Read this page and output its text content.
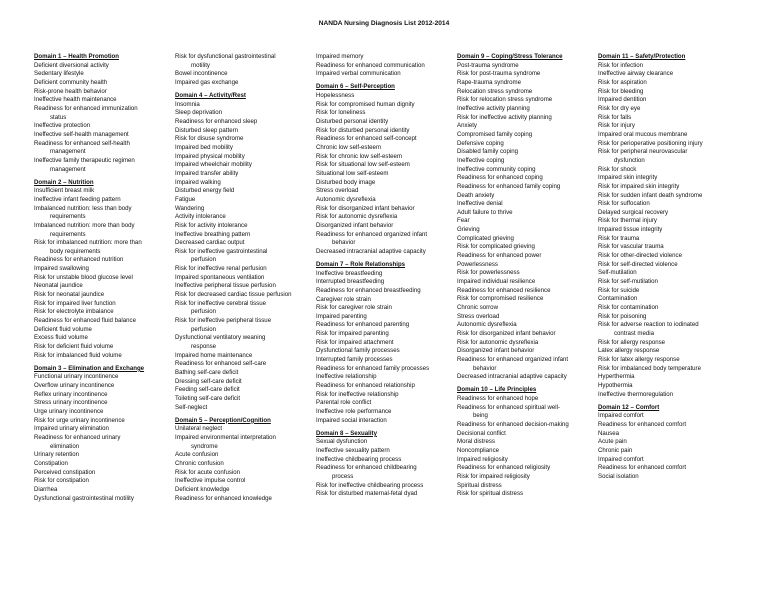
NANDA Nursing Diagnosis List 2012-2014
Domain 1 – Health Promotion
Deficient diversional activity
Sedentary lifestyle
Deficient community health
Risk-prone health behavior
Ineffective health maintenance
Readiness for enhanced immunization
status
Ineffective protection
Ineffective self-health management
Readiness for enhanced self-health
management
Ineffective family therapeutic regimen
management
Domain 2 – Nutrition
Insufficient breast milk
Ineffective infant feeding pattern
Imbalanced nutrition: less than body
requirements
Imbalanced nutrition: more than body
requirements
Risk for imbalanced nutrition: more than
body requirements
Readiness for enhanced nutrition
Impaired swallowing
Risk for unstable blood glucose level
Neonatal jaundice
Risk for neonatal jaundice
Risk for impaired liver function
Risk for electrolyte imbalance
Readiness for enhanced fluid balance
Deficient fluid volume
Excess fluid volume
Risk for deficient fluid volume
Risk for imbalanced fluid volume
Domain 3 – Elimination and Exchange
Functional urinary incontinence
Overflow urinary incontinence
Reflex urinary incontinence
Stress urinary incontinence
Urge urinary incontinence
Risk for urge urinary incontinence
Impaired urinary elimination
Readiness for enhanced urinary
elimination
Urinary retention
Constipation
Perceived constipation
Risk for constipation
Diarrhea
Dysfunctional gastrointestinal motility
Risk for dysfunctional gastrointestinal
motility
Bowel incontinence
Impaired gas exchange
Domain 4 – Activity/Rest
Insomnia
Sleep deprivation
Readiness for enhanced sleep
Disturbed sleep pattern
Risk for disuse syndrome
Impaired bed mobility
Impaired physical mobility
Impaired wheelchair mobility
Impaired transfer ability
Impaired walking
Disturbed energy field
Fatigue
Wandering
Activity intolerance
Risk for activity intolerance
Ineffective breathing pattern
Decreased cardiac output
Risk for ineffective gastrointestinal
perfusion
Risk for ineffective renal perfusion
Impaired spontaneous ventilation
Ineffective peripheral tissue perfusion
Risk for decreased cardiac tissue perfusion
Risk for ineffective cerebral tissue
perfusion
Risk for ineffective peripheral tissue
perfusion
Dysfunctional ventilatory weaning
response
Impaired home maintenance
Readiness for enhanced self-care
Bathing self-care deficit
Dressing self-care deficit
Feeding self-care deficit
Toileting self-care deficit
Self-neglect
Domain 5 – Perception/Cognition
Unilateral neglect
Impaired environmental interpretation
syndrome
Acute confusion
Chronic confusion
Risk for acute confusion
Ineffective impulse control
Deficient knowledge
Readiness for enhanced knowledge
Impaired memory
Readiness for enhanced communication
Impaired verbal communication
Domain 6 – Self-Perception
Hopelessness
Risk for compromised human dignity
Risk for loneliness
Disturbed personal identity
Risk for disturbed personal identity
Readiness for enhanced self-concept
Chronic low self-esteem
Risk for chronic low self-esteem
Risk for situational low self-esteem
Situational low self-esteem
Disturbed body image
Stress overload
Autonomic dysreflexia
Risk for disorganized infant behavior
Risk for autonomic dysreflexia
Disorganized infant behavior
Readiness for enhanced organized infant
behavior
Decreased intracranial adaptive capacity
Domain 7 – Role Relationships
Ineffective breastfeeding
Interrupted breastfeeding
Readiness for enhanced breastfeeding
Caregiver role strain
Risk for caregiver role strain
Impaired parenting
Readiness for enhanced parenting
Risk for impaired parenting
Risk for impaired attachment
Dysfunctional family processes
Interrupted family processes
Readiness for enhanced family processes
Ineffective relationship
Readiness for enhanced relationship
Risk for ineffective relationship
Parental role conflict
Ineffective role performance
Impaired social interaction
Domain 8 – Sexuality
Sexual dysfunction
Ineffective sexuality pattern
Ineffective childbearing process
Readiness for enhanced childbearing
process
Risk for ineffective childbearing process
Risk for disturbed maternal-fetal dyad
Domain 9 – Coping/Stress Tolerance
Post-trauma syndrome
Risk for post-trauma syndrome
Rape-trauma syndrome
Relocation stress syndrome
Risk for relocation stress syndrome
Ineffective activity planning
Risk for ineffective activity planning
Anxiety
Compromised family coping
Defensive coping
Disabled family coping
Ineffective coping
Ineffective community coping
Readiness for enhanced coping
Readiness for enhanced family coping
Death anxiety
Ineffective denial
Adult failure to thrive
Fear
Grieving
Complicated grieving
Risk for complicated grieving
Readiness for enhanced power
Powerlessness
Risk for powerlessness
Impaired individual resilience
Readiness for enhanced resilience
Risk for compromised resilience
Chronic sorrow
Stress overload
Autonomic dysreflexia
Risk for disorganized infant behavior
Risk for autonomic dysreflexia
Disorganized infant behavior
Readiness for enhanced organized infant
behavior
Decreased intracranial adaptive capacity
Domain 10 – Life Principles
Readiness for enhanced hope
Readiness for enhanced spiritual well-
being
Readiness for enhanced decision-making
Decisional conflict
Moral distress
Noncompliance
Impaired religiosity
Readiness for enhanced religiosity
Risk for impaired religiosity
Spiritual distress
Risk for spiritual distress
Domain 11 – Safety/Protection
Risk for infection
Ineffective airway clearance
Risk for aspiration
Risk for bleeding
Impaired dentition
Risk for dry eye
Risk for falls
Risk for injury
Impaired oral mucous membrane
Risk for perioperative positioning injury
Risk for peripheral neurovascular
dysfunction
Risk for shock
Impaired skin integrity
Risk for impaired skin integrity
Risk for sudden infant death syndrome
Risk for suffocation
Delayed surgical recovery
Risk for thermal injury
Impaired tissue integrity
Risk for trauma
Risk for vascular trauma
Risk for other-directed violence
Risk for self-directed violence
Self-mutilation
Risk for self-mutilation
Risk for suicide
Contamination
Risk for contamination
Risk for poisoning
Risk for adverse reaction to iodinated
contrast media
Risk for allergy response
Latex allergy response
Risk for latex allergy response
Risk for imbalanced body temperature
Hyperthermia
Hypothermia
Ineffective thermoregulation
Domain 12 – Comfort
Impaired comfort
Readiness for enhanced comfort
Nausea
Acute pain
Chronic pain
Impaired comfort
Readiness for enhanced comfort
Social isolation
